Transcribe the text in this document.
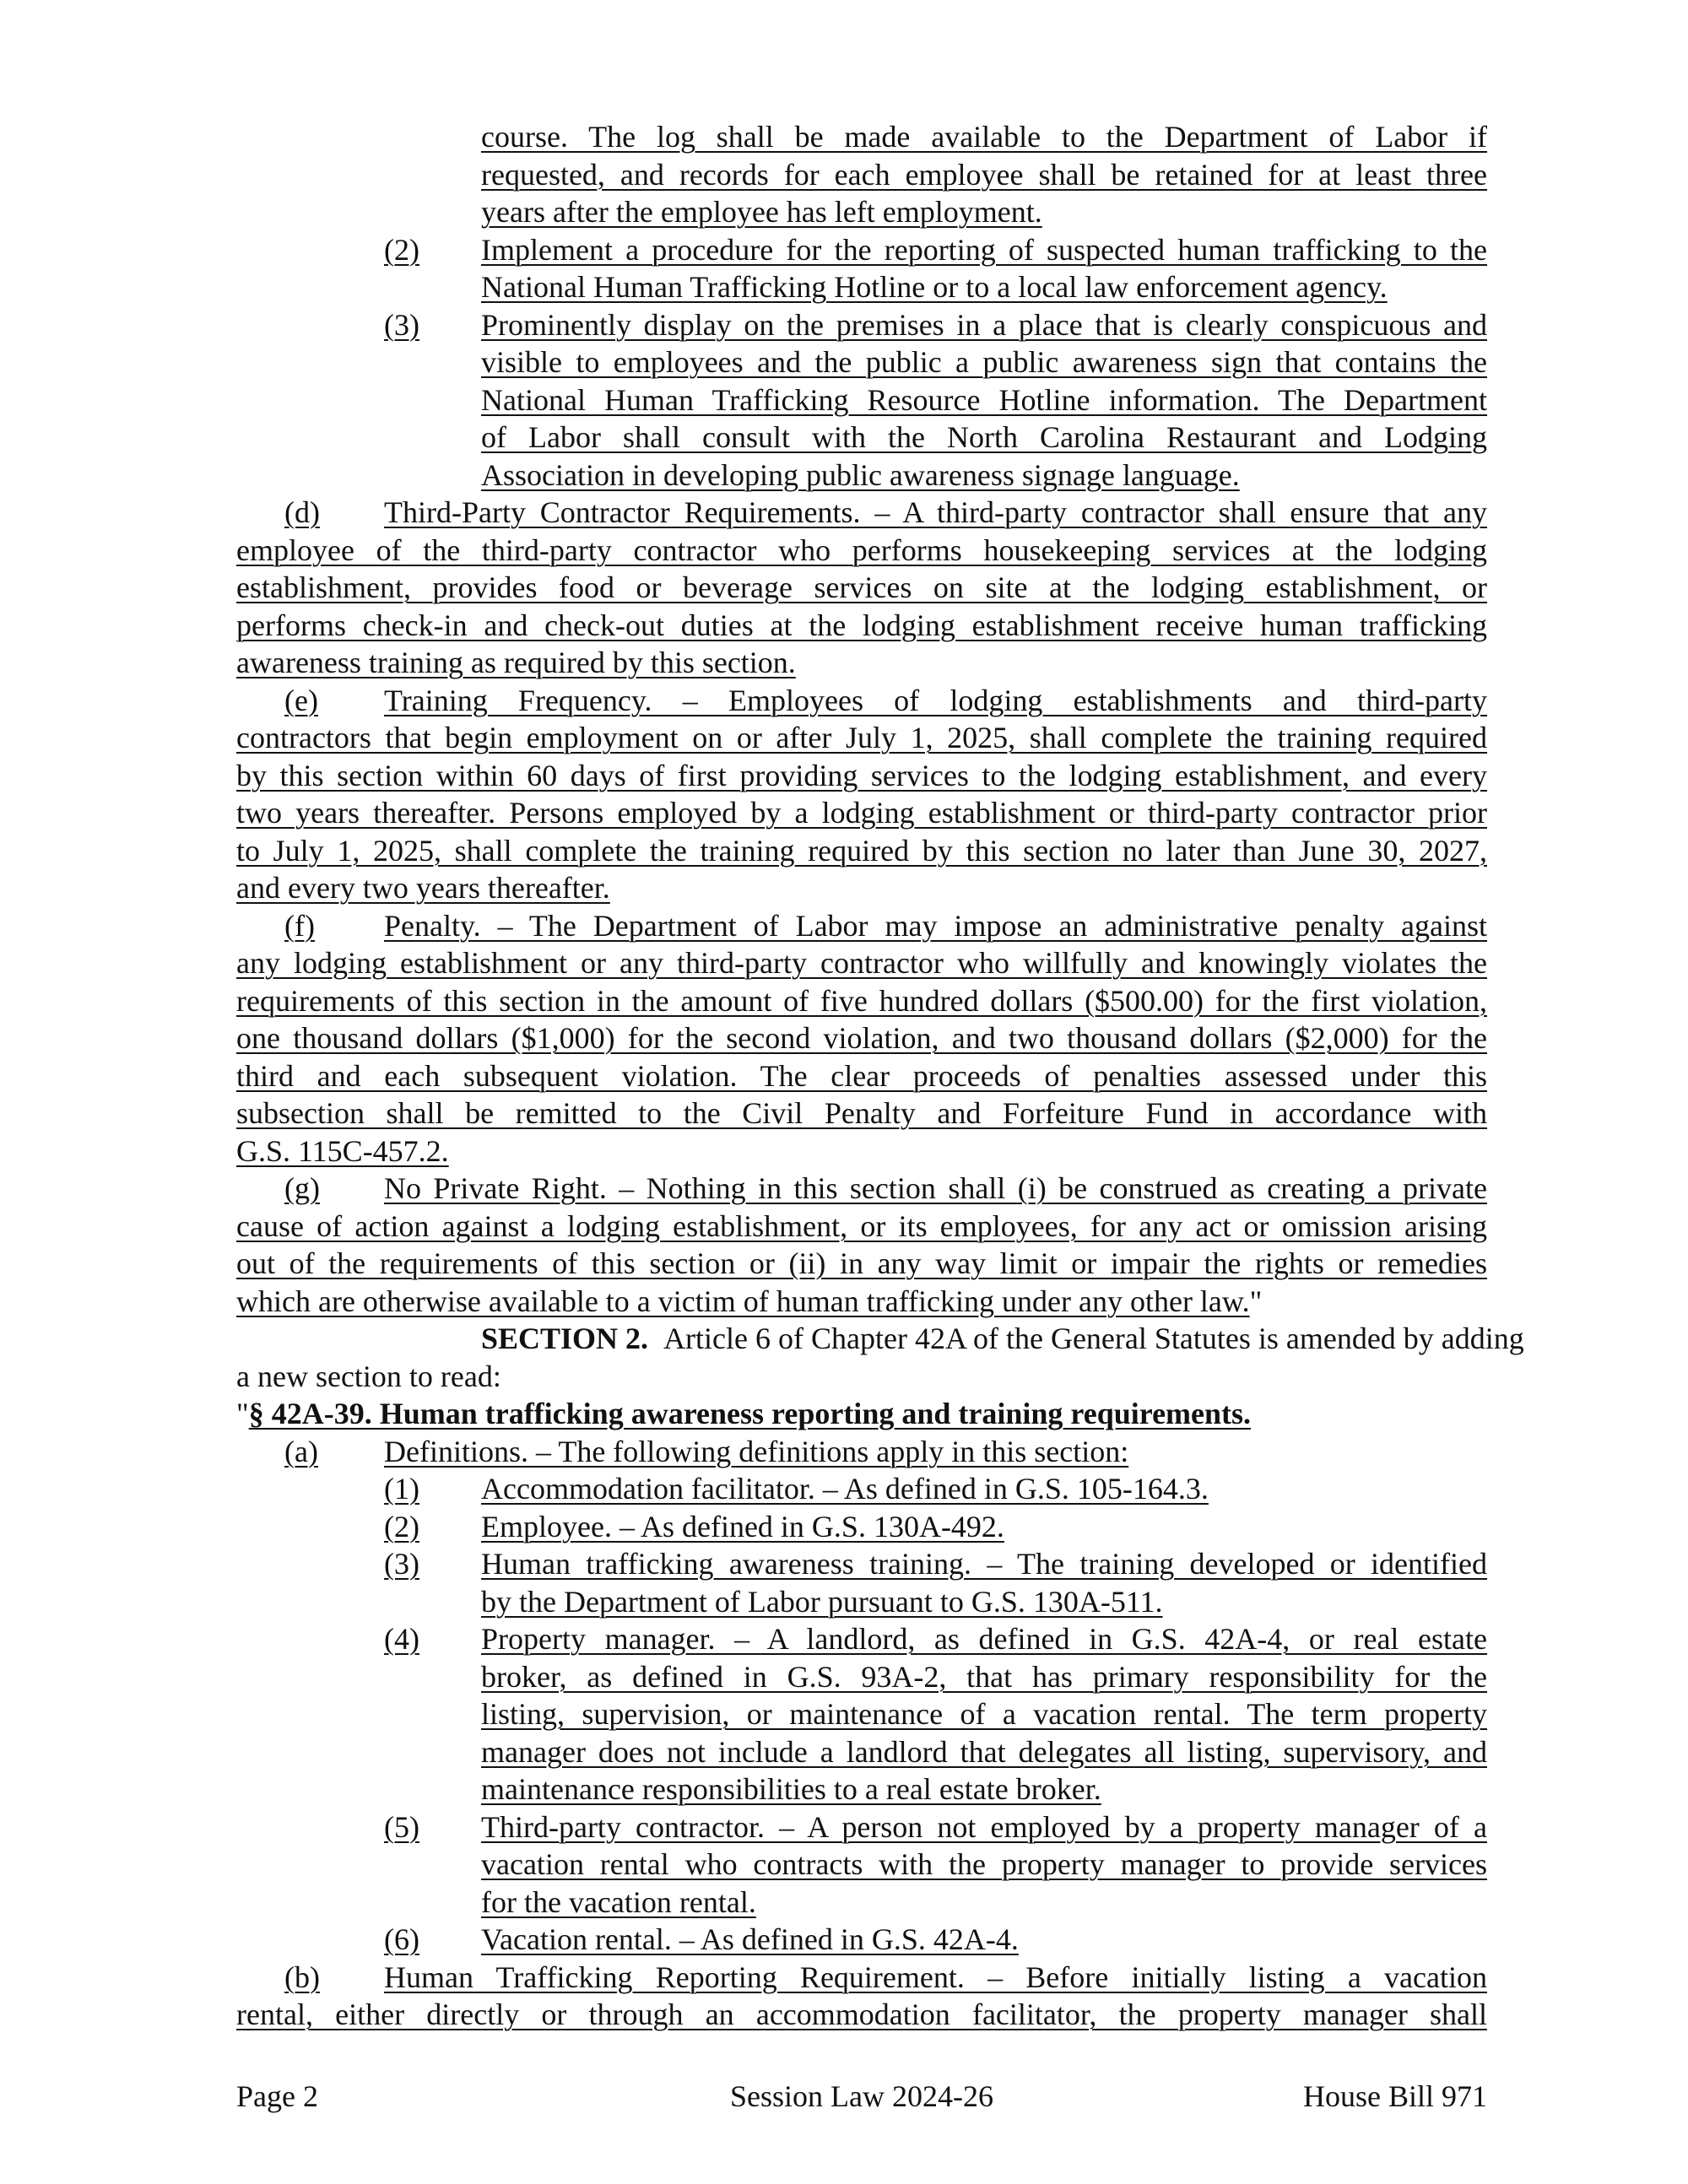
course. The log shall be made available to the Department of Labor if
requested, and records for each employee shall be retained for at least three
years after the employee has left employment.
(2) Implement a procedure for the reporting of suspected human trafficking to the
National Human Trafficking Hotline or to a local law enforcement agency.
(3) Prominently display on the premises in a place that is clearly conspicuous and
visible to employees and the public a public awareness sign that contains the
National Human Trafficking Resource Hotline information. The Department
of Labor shall consult with the North Carolina Restaurant and Lodging
Association in developing public awareness signage language.
(d)	Third-Party Contractor Requirements. – A third-party contractor shall ensure that any
employee of the third-party contractor who performs housekeeping services at the lodging
establishment, provides food or beverage services on site at the lodging establishment, or
performs check-in and check-out duties at the lodging establishment receive human trafficking
awareness training as required by this section.
(e)	Training Frequency. – Employees of lodging establishments and third-party
contractors that begin employment on or after July 1, 2025, shall complete the training required
by this section within 60 days of first providing services to the lodging establishment, and every
two years thereafter. Persons employed by a lodging establishment or third-party contractor prior
to July 1, 2025, shall complete the training required by this section no later than June 30, 2027,
and every two years thereafter.
(f)	Penalty. – The Department of Labor may impose an administrative penalty against
any lodging establishment or any third-party contractor who willfully and knowingly violates the
requirements of this section in the amount of five hundred dollars ($500.00) for the first violation,
one thousand dollars ($1,000) for the second violation, and two thousand dollars ($2,000) for the
third and each subsequent violation. The clear proceeds of penalties assessed under this
subsection shall be remitted to the Civil Penalty and Forfeiture Fund in accordance with
G.S. 115C-457.2.
(g)	No Private Right. – Nothing in this section shall (i) be construed as creating a private
cause of action against a lodging establishment, or its employees, for any act or omission arising
out of the requirements of this section or (ii) in any way limit or impair the rights or remedies
which are otherwise available to a victim of human trafficking under any other law."
SECTION 2. Article 6 of Chapter 42A of the General Statutes is amended by adding
a new section to read:
"§ 42A-39. Human trafficking awareness reporting and training requirements.
(a)	Definitions. – The following definitions apply in this section:
(1) Accommodation facilitator. – As defined in G.S. 105-164.3.
(2) Employee. – As defined in G.S. 130A-492.
(3) Human trafficking awareness training. – The training developed or identified
by the Department of Labor pursuant to G.S. 130A-511.
(4) Property manager. – A landlord, as defined in G.S. 42A-4, or real estate
broker, as defined in G.S. 93A-2, that has primary responsibility for the
listing, supervision, or maintenance of a vacation rental. The term property
manager does not include a landlord that delegates all listing, supervisory, and
maintenance responsibilities to a real estate broker.
(5) Third-party contractor. – A person not employed by a property manager of a
vacation rental who contracts with the property manager to provide services
for the vacation rental.
(6) Vacation rental. – As defined in G.S. 42A-4.
(b)	Human Trafficking Reporting Requirement. – Before initially listing a vacation
rental, either directly or through an accommodation facilitator, the property manager shall
Page 2	Session Law 2024-26	House Bill 971
